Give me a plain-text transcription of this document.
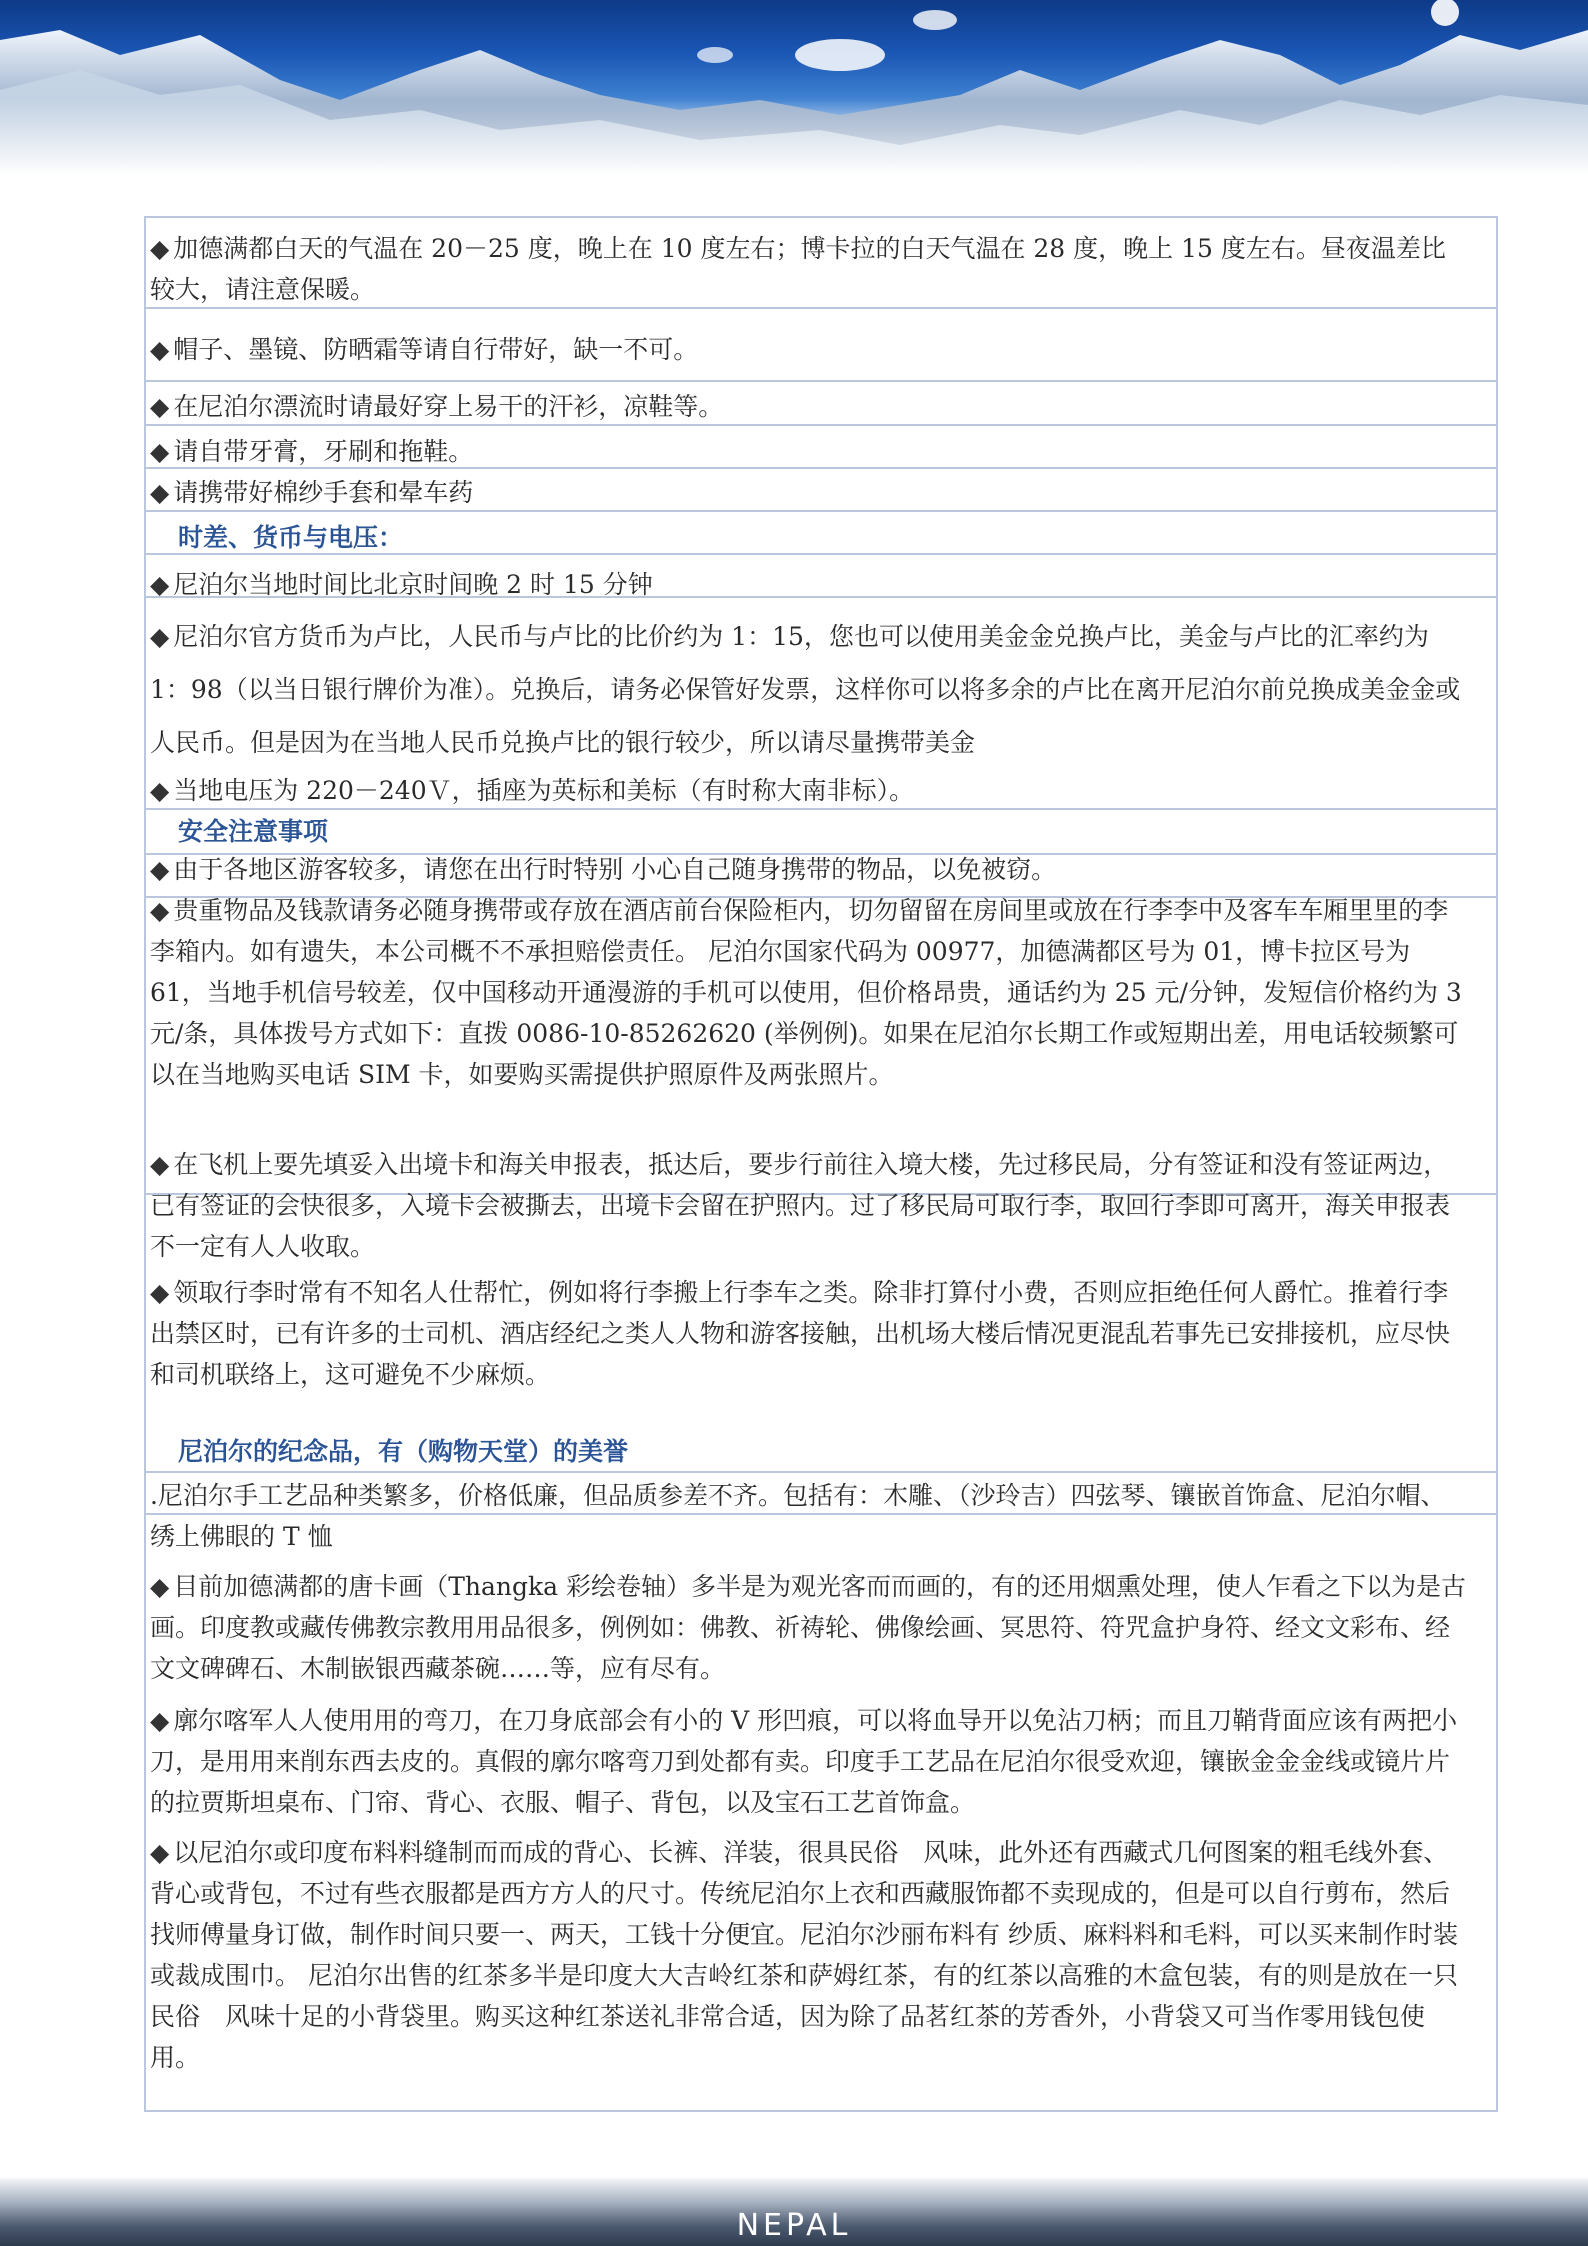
◆ 加德满都白天的气温在 20－25 度，晚上在 10 度左右；博卡拉的白天气温在 28 度，晚上 15 度左右。昼夜温差比较大，请注意保暖。

◆ 帽子、墨镜、防晒霜等请自行带好，缺一不可。

◆ 在尼泊尔漂流时请最好穿上易干的汗衫，凉鞋等。

◆ 请自带牙膏，牙刷和拖鞋。

◆ 请携带好棉纱手套和晕车药

时差、货币与电压：

◆ 尼泊尔当地时间比北京时间晚 2 时 15 分钟

◆ 尼泊尔官方货币为卢比，人民币与卢比的比价约为 1：15，您也可以使用美金金兑换卢比，美金与卢比的汇率约为 1：98（以当日银行牌价为准）。兑换后，请务必保管好发票，这样你可以将多余的卢比在离开尼泊尔前兑换成美金金或人民币。但是因为在当地人民币兑换卢比的银行较少，所以请尽量携带美金

◆ 当地电压为 220－240Ｖ，插座为英标和美标（有时称大南非标）。

安全注意事项

◆ 由于各地区游客较多，请您在出行时特别 小心自己随身携带的物品，以免被窃。

◆ 贵重物品及钱款请务必随身携带或存放在酒店前台保险柜内，切勿留留在房间里或放在行李李中及客车车厢里里的李李箱内。如有遗失，本公司概不不承担赔偿责任。 尼泊尔国家代码为 00977，加德满都区号为 01，博卡拉区号为 61，当地手机信号较差，仅中国移动开通漫游的手机可以使用，但价格昂贵，通话约为 25 元/分钟，发短信价格约为 3 元/条，具体拨号方式如下：直拨 0086-10-85262620 (举例例)。如果在尼泊尔长期工作或短期出差，用电话较频繁可以在当地购买电话 SIM 卡，如要购买需提供护照原件及两张照片。

◆ 在飞机上要先填妥入出境卡和海关申报表，抵达后，要步行前往入境大楼，先过移民局，分有签证和没有签证两边，已有签证的会快很多，入境卡会被撕去，出境卡会留在护照内。过了移民局可取行李，取回行李即可离开，海关申报表不一定有人人收取。

◆ 领取行李时常有不知名人仕帮忙，例如将行李搬上行李车之类。除非打算付小费，否则应拒绝任何人爵忙。推着行李出禁区时，已有许多的士司机、酒店经纪之类人人物和游客接触，出机场大楼后情况更混乱若事先已安排接机，应尽快和司机联络上，这可避免不少麻烦。

尼泊尔的纪念品，有（购物天堂）的美誉

.尼泊尔手工艺品种类繁多，价格低廉，但品质参差不齐。包括有：木雕、（沙玲吉）四弦琴、镶嵌首饰盒、尼泊尔帽、绣上佛眼的 T 恤

◆ 目前加德满都的唐卡画（Thangka 彩绘卷轴）多半是为观光客而而画的，有的还用烟熏处理，使人乍看之下以为是古画。印度教或藏传佛教宗教用用品很多，例例如：佛教、祈祷轮、佛像绘画、冥思符、符咒盒护身符、经文文彩布、经文文碑碑石、木制嵌银西藏茶碗……等，应有尽有。

◆ 廓尔喀军人人使用用的弯刀，在刀身底部会有小的 V 形凹痕，可以将血导开以免沾刀柄；而且刀鞘背面应该有两把小刀，是用用来削东西去皮的。真假的廓尔喀弯刀到处都有卖。印度手工艺品在尼泊尔很受欢迎，镶嵌金金金线或镜片片的拉贾斯坦桌布、门帘、背心、衣服、帽子、背包，以及宝石工艺首饰盒。

◆ 以尼泊尔或印度布料料缝制而而成的背心、长裤、洋装，很具民俗　风味，此外还有西藏式几何图案的粗毛线外套、背心或背包，不过有些衣服都是西方方人的尺寸。传统尼泊尔上衣和西藏服饰都不卖现成的，但是可以自行剪布，然后找师傅量身订做，制作时间只要一、两天，工钱十分便宜。尼泊尔沙丽布料有 纱质、麻料料和毛料，可以买来制作时装或裁成围巾。 尼泊尔出售的红茶多半是印度大大吉岭红茶和萨姆红茶，有的红茶以高雅的木盒包装，有的则是放在一只民俗　风味十足的小背袋里。购买这种红茶送礼非常合适，因为除了品茗红茶的芳香外，小背袋又可当作零用钱包使用。

NEPAL
